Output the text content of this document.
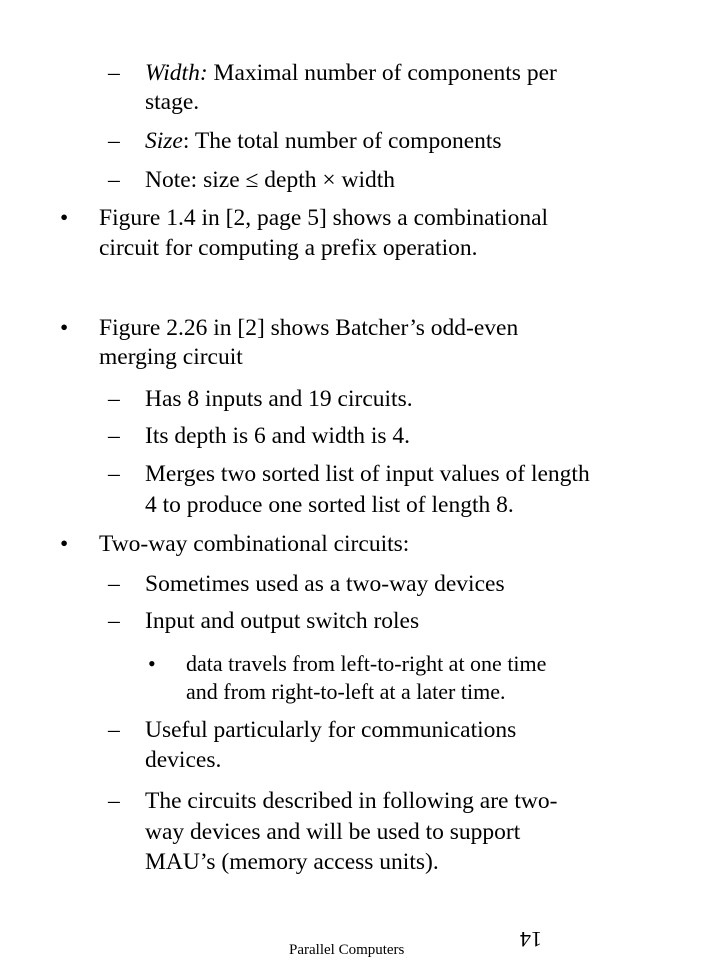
– Width: Maximal number of components per
stage.
– Size: The total number of components
– Note: size ≤ depth × width
• Figure 1.4 in [2, page 5] shows a combinational
circuit for computing a prefix operation.
• Figure 2.26 in [2] shows Batcher’s odd-even
merging circuit
– Has 8 inputs and 19 circuits.
– Its depth is 6 and width is 4.
– Merges two sorted list of input values of length
4 to produce one sorted list of length 8.
• Two-way combinational circuits:
– Sometimes used as a two-way devices
– Input and output switch roles
• data travels from left-to-right at one time
and from right-to-left at a later time.
– Useful particularly for communications
devices.
– The circuits described in following are two-
way devices and will be used to support
MAU’s (memory access units).
Parallel Computers	14
